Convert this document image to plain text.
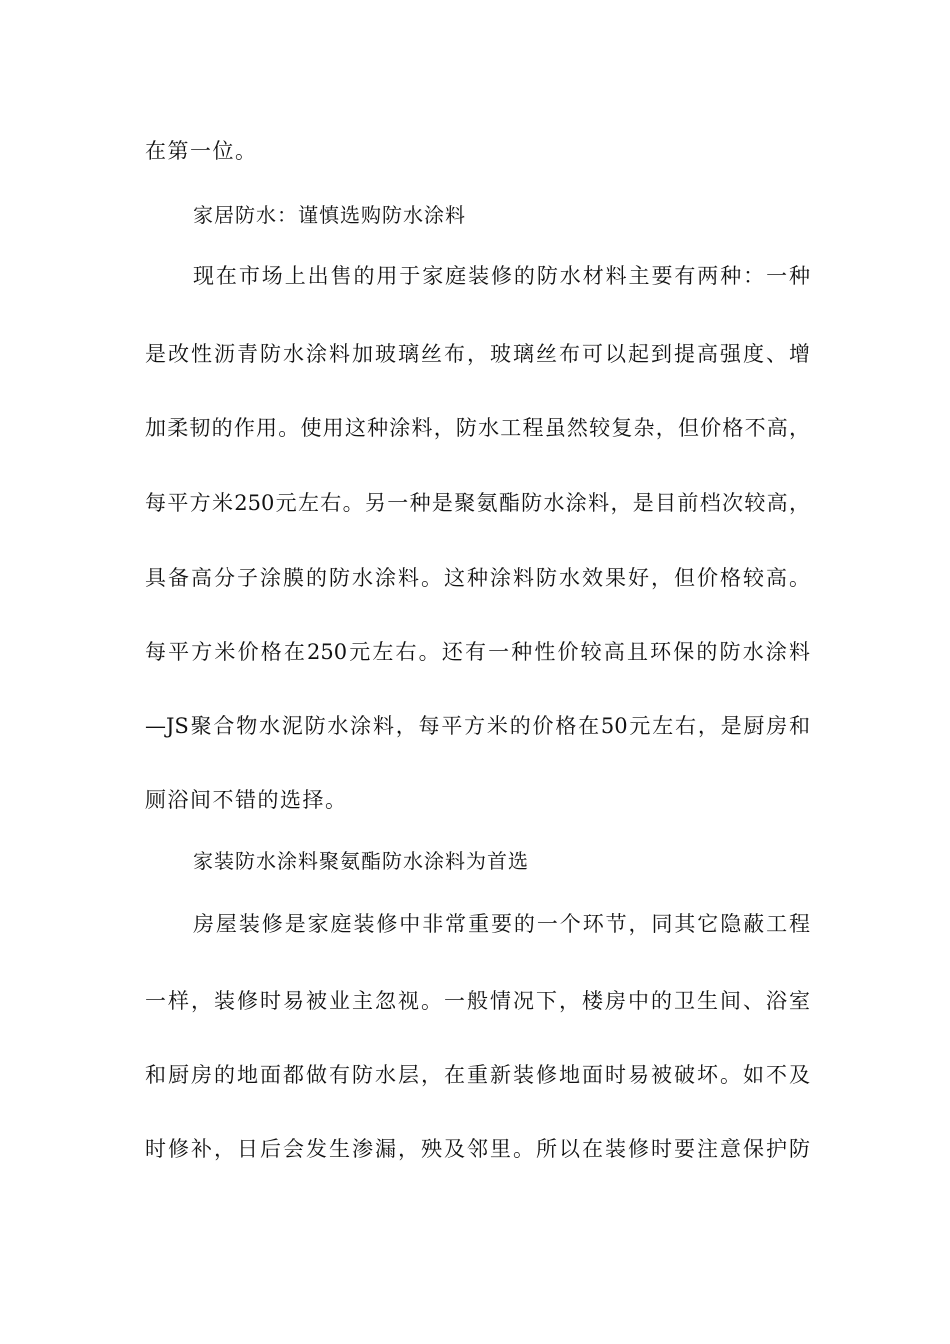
在第一位。
家居防水：谨慎选购防水涂料
现在市场上出售的用于家庭装修的防水材料主要有两种：一种
是改性沥青防水涂料加玻璃丝布，玻璃丝布可以起到提高强度、增
加柔韧的作用。使用这种涂料，防水工程虽然较复杂，但价格不高，
每平方米250元左右。另一种是聚氨酯防水涂料，是目前档次较高，
具备高分子涂膜的防水涂料。这种涂料防水效果好，但价格较高。
每平方米价格在250元左右。还有一种性价较高且环保的防水涂料
—JS聚合物水泥防水涂料，每平方米的价格在50元左右，是厨房和
厕浴间不错的选择。
家装防水涂料聚氨酯防水涂料为首选
房屋装修是家庭装修中非常重要的一个环节，同其它隐蔽工程
一样，装修时易被业主忽视。一般情况下，楼房中的卫生间、浴室
和厨房的地面都做有防水层，在重新装修地面时易被破坏。如不及
时修补，日后会发生渗漏，殃及邻里。所以在装修时要注意保护防
